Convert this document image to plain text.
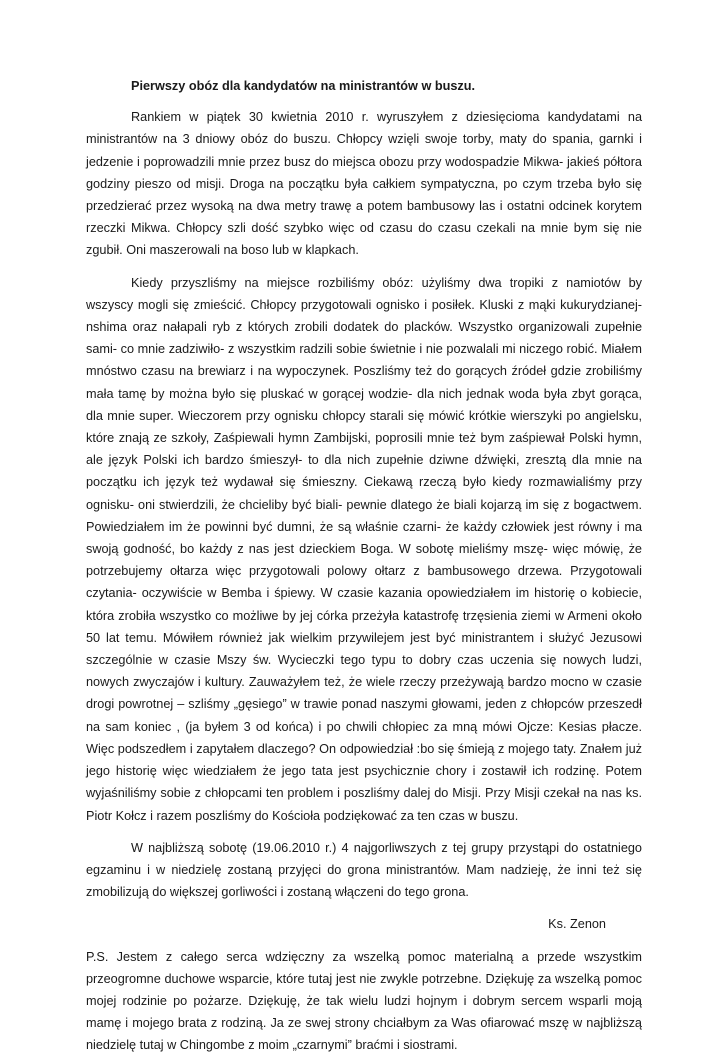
Pierwszy obóz dla kandydatów na ministrantów w buszu.

Rankiem w piątek 30 kwietnia 2010 r. wyruszyłem z dziesięcioma kandydatami na ministrantów na 3 dniowy obóz do buszu. Chłopcy wzięli swoje torby, maty do spania, garnki i jedzenie i poprowadzili mnie przez busz do miejsca obozu przy wodospadzie Mikwa- jakieś półtora godziny pieszo od misji. Droga na początku była całkiem sympatyczna, po czym trzeba było się przedzierać przez wysoką na dwa metry trawę a potem bambusowy las i ostatni odcinek korytem rzeczki Mikwa. Chłopcy szli dość szybko więc od czasu do czasu czekali na mnie bym się nie zgubił. Oni maszerowali na boso lub w klapkach.

Kiedy przyszliśmy na miejsce rozbiliśmy obóz: użyliśmy dwa tropiki z namiotów by wszyscy mogli się zmieścić. Chłopcy przygotowali ognisko i posiłek. Kluski z mąki kukurydzianej- nshima oraz nałapali ryb z których zrobili dodatek do placków. Wszystko organizowali zupełnie sami- co mnie zadziwiło- z wszystkim radzili sobie świetnie i nie pozwalali mi niczego robić. Miałem mnóstwo czasu na brewiarz i na wypoczynek. Poszliśmy też do gorących źródeł gdzie zrobiliśmy mała tamę by można było się pluskać w gorącej wodzie- dla nich jednak woda była zbyt gorąca, dla mnie super. Wieczorem przy ognisku chłopcy starali się mówić krótkie wierszyki po angielsku, które znają ze szkoły, Zaśpiewali hymn Zambijski, poprosili mnie też bym zaśpiewał Polski hymn, ale język Polski ich bardzo śmieszył- to dla nich zupełnie dziwne dźwięki, zresztą dla mnie na początku ich język też wydawał się śmieszny. Ciekawą rzeczą było kiedy rozmawialiśmy przy ognisku- oni stwierdzili, że chcieliby być biali- pewnie dlatego że biali kojarzą im się z bogactwem. Powiedziałem im że powinni być dumni, że są właśnie czarni- że każdy człowiek jest równy i ma swoją godność, bo każdy z nas jest dzieckiem Boga. W sobotę mieliśmy mszę- więc mówię, że potrzebujemy ołtarza więc przygotowali polowy ołtarz z bambusowego drzewa. Przygotowali czytania- oczywiście w Bemba i śpiewy. W czasie kazania opowiedziałem im historię o kobiecie, która zrobiła wszystko co możliwe by jej córka przeżyła katastrofę trzęsienia ziemi w Armeni około 50 lat temu. Mówiłem również jak wielkim przywilejem jest być ministrantem i służyć Jezusowi szczególnie w czasie Mszy św. Wycieczki tego typu to dobry czas uczenia się nowych ludzi, nowych zwyczajów i kultury. Zauważyłem też, że wiele rzeczy przeżywają bardzo mocno w czasie drogi powrotnej – szliśmy „gęsiego” w trawie ponad naszymi głowami, jeden z chłopców przeszedł na sam koniec , (ja byłem 3 od końca) i po chwili chłopiec za mną mówi Ojcze: Kesias płacze. Więc podszedłem i zapytałem dlaczego? On odpowiedział :bo się śmieją z mojego taty. Znałem już jego historię więc wiedziałem że jego tata jest psychicznie chory i zostawił ich rodzinę. Potem wyjaśniliśmy sobie z chłopcami ten problem i poszliśmy dalej do Misji. Przy Misji czekał na nas ks. Piotr Kołcz i razem poszliśmy do Kościoła podziękować za ten czas w buszu.

W najbliższą sobotę (19.06.2010 r.) 4 najgorliwszych z tej grupy przystąpi do ostatniego egzaminu i w niedzielę zostaną przyjęci do grona ministrantów. Mam nadzieję, że inni też się zmobilizują do większej gorliwości i zostaną włączeni do tego grona.

Ks. Zenon

P.S. Jestem z całego serca wdzięczny za wszelką pomoc materialną a przede wszystkim przeogromne duchowe wsparcie, które tutaj jest nie zwykle potrzebne. Dziękuję za wszelką pomoc mojej rodzinie po pożarze. Dziękuję, że tak wielu ludzi hojnym i dobrym sercem wsparli moją mamę i mojego brata z rodziną. Ja ze swej strony chciałbym za Was ofiarować mszę w najbliższą niedzielę tutaj w Chingombe z moim „czarnymi” braćmi i siostrami.
